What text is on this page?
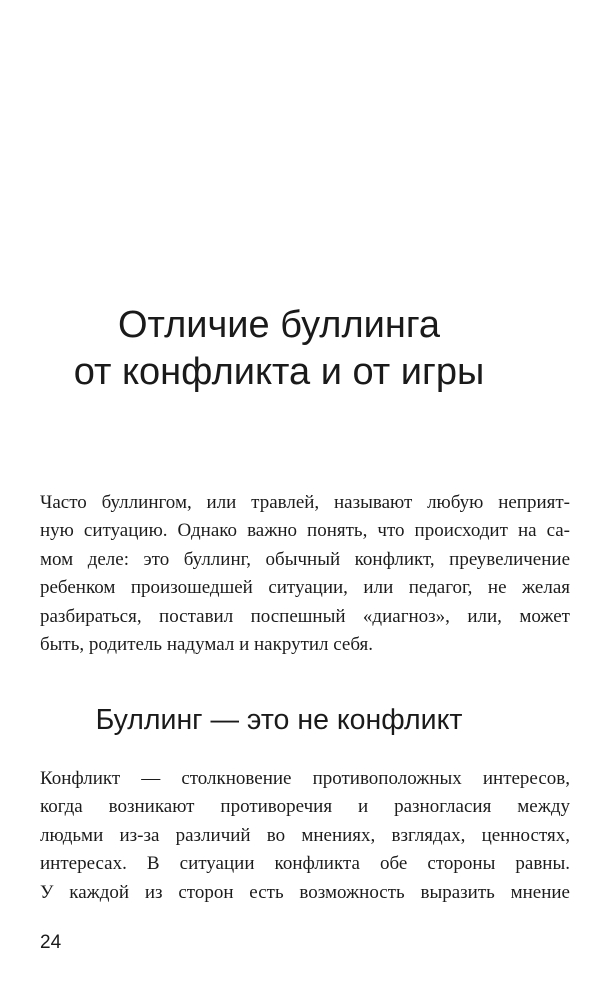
Отличие буллинга
от конфликта и от игры
Часто буллингом, или травлей, называют любую неприят-
ную ситуацию. Однако важно понять, что происходит на са-
мом деле: это буллинг, обычный конфликт, преувеличение
ребенком произошедшей ситуации, или педагог, не желая
разбираться, поставил поспешный «диагноз», или, может
быть, родитель надумал и накрутил себя.
Буллинг — это не конфликт
Конфликт — столкновение противоположных интересов,
когда возникают противоречия и разногласия между
людьми из-за различий во мнениях, взглядах, ценностях,
интересах. В ситуации конфликта обе стороны равны.
У каждой из сторон есть возможность выразить мнение
24
